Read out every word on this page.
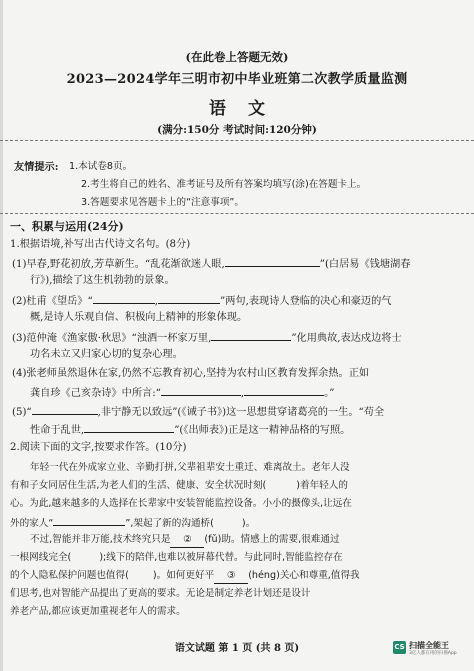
(在此卷上答题无效)
2023—2024学年三明市初中毕业班第二次教学质量监测
语文
(满分:150分 考试时间:120分钟)
友情提示: 1.本试卷8页。
2.考生将自己的姓名、准考证号及所有答案均填写(涂)在答题卡上。
3.答题要求见答题卡上的“注意事项”。
一、积累与运用(24分)
1.根据语境,补写出古代诗文名句。(8分)
(1)早春,野花初放,芳草新生。“乱花渐欲迷人眼,	”(白居易《钱塘湖春
行》),描绘了这生机勃勃的景象。
(2)杜甫《望岳》“	,	”两句,表现诗人登临的决心和豪迈的气
概,是诗人乐观自信、积极向上精神的形象体现。
(3)范仲淹《渔家傲·秋思》“浊酒一杯家万里,	”化用典故,表达戍边将士
功名未立又归家心切的复杂心理。
(4)张老师虽然退休在家,仍然不忘教育初心,坚持为农村山区教育发挥余热。正如
龚自珍《己亥杂诗》中所言:“	,	。”
(5)“	,非宁静无以致远”(《诫子书》)这一思想贯穿诸葛亮的一生。“苟全
性命于乱世,	”(《出师表》)正是这一精神品格的写照。
2.阅读下面的文字,按要求作答。(10分)
年轻一代在外成家立业、辛勤打拼,父辈祖辈安土重迁、难离故土。老年人没
有和子女同居住生活,为老人们的生活、健康、安全状况时刻(	)着年轻人的
心。为此,越来越多的人选择在长辈家中安装智能监控设备。小小的摄像头,让远在
外的家人“	”,架起了新的沟通桥(	)。
不过,智能并非万能,技术终究只是 ② (fǔ)助。情感上的需要,很难通过
一根网线完全(	);线下的陪伴,也难以被屏幕代替。与此同时,智能监控存在
的个人隐私保护问题也值得(	)。如何更好平 ③ (héng)关心和尊重,值得我
们思考,也对智能产品提出了更高的要求。无论是制定养老计划还是设计
养老产品,都应该更加重视老年人的需求。
语文试题 第 1 页 (共 8 页)	CS 扫描全能王
3亿人都在用的扫描App
